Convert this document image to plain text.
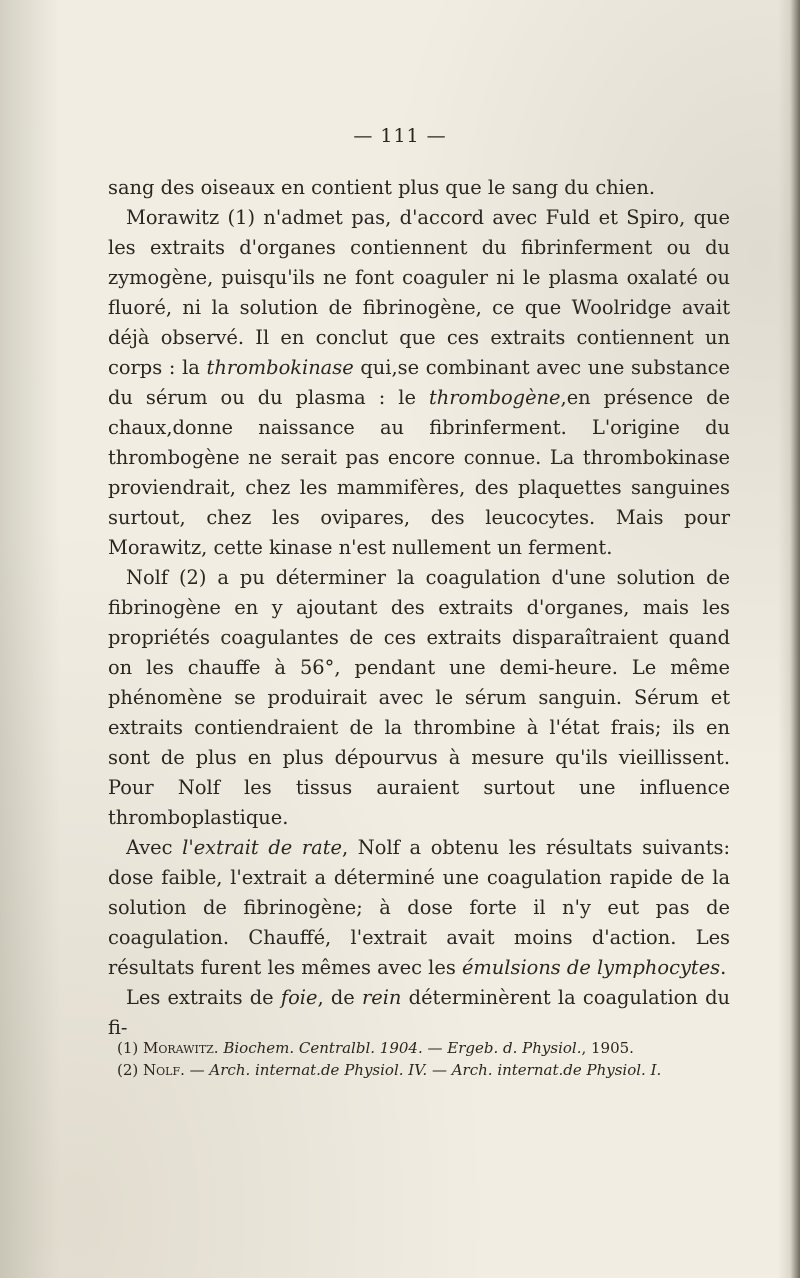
— 111 —

sang des oiseaux en contient plus que le sang du chien.

Morawitz (1) n'admet pas, d'accord avec Fuld et Spiro, que les extraits d'organes contiennent du fibrinferment ou du zymogène, puisqu'ils ne font coaguler ni le plasma oxalaté ou fluoré, ni la solution de fibrinogène, ce que Woolridge avait déjà observé. Il en conclut que ces extraits contiennent un corps : la thrombokinase qui,se combinant avec une substance du sérum ou du plasma : le thrombogène,en présence de chaux,donne naissance au fibrinferment. L'origine du thrombogène ne serait pas encore connue. La thrombokinase proviendrait, chez les mammifères, des plaquettes sanguines surtout, chez les ovipares, des leucocytes. Mais pour Morawitz, cette kinase n'est nullement un ferment.

Nolf (2) a pu déterminer la coagulation d'une solution de fibrinogène en y ajoutant des extraits d'organes, mais les propriétés coagulantes de ces extraits disparaîtraient quand on les chauffe à 56°, pendant une demi-heure. Le même phénomène se produirait avec le sérum sanguin. Sérum et extraits contiendraient de la thrombine à l'état frais; ils en sont de plus en plus dépourvus à mesure qu'ils vieillissent. Pour Nolf les tissus auraient surtout une influence thromboplastique.

Avec l'extrait de rate, Nolf a obtenu les résultats suivants: dose faible, l'extrait a déterminé une coagulation rapide de la solution de fibrinogène; à dose forte il n'y eut pas de coagulation. Chauffé, l'extrait avait moins d'action. Les résultats furent les mêmes avec les émulsions de lymphocytes.

Les extraits de foie, de rein déterminèrent la coagulation du fi-

(1) Morawitz. Biochem. Centralbl. 1904. — Ergeb. d. Physiol., 1905.

(2) Nolf. — Arch. internat.de Physiol. IV. — Arch. internat.de Physiol. I.
